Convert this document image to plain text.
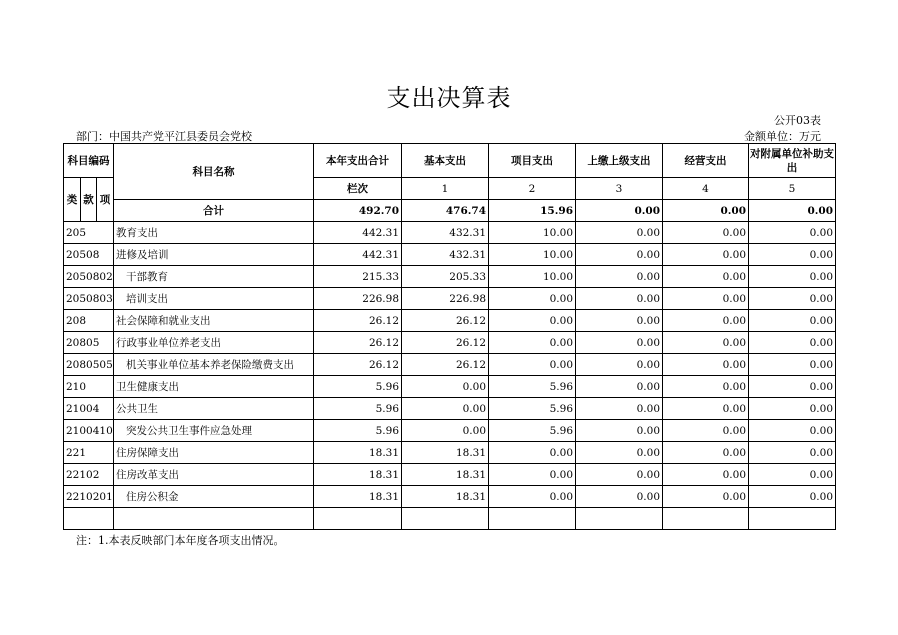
支出决算表
公开03表
部门：中国共产党平江县委员会党校	金额单位：万元
科目编码			科目名称	本年支出合计	基本支出	项目支出	上缴上级支出	经营支出	对附属单位补助支出	
类	款	项		栏次	1	2	3	4	5	
			合计	492.70	476.74	15.96	0.00	0.00	0.00	
205			教育支出	442.31	432.31	10.00	0.00	0.00	0.00	
20508			进修及培训	442.31	432.31	10.00	0.00	0.00	0.00	
2050802			干部教育	215.33	205.33	10.00	0.00	0.00	0.00	
2050803			培训支出	226.98	226.98	0.00	0.00	0.00	0.00	
208			社会保障和就业支出	26.12	26.12	0.00	0.00	0.00	0.00	
20805			行政事业单位养老支出	26.12	26.12	0.00	0.00	0.00	0.00	
2080505			机关事业单位基本养老保险缴费支出	26.12	26.12	0.00	0.00	0.00	0.00	
210			卫生健康支出	5.96	0.00	5.96	0.00	0.00	0.00	
21004			公共卫生	5.96	0.00	5.96	0.00	0.00	0.00	
2100410			突发公共卫生事件应急处理	5.96	0.00	5.96	0.00	0.00	0.00	
221			住房保障支出	18.31	18.31	0.00	0.00	0.00	0.00	
22102			住房改革支出	18.31	18.31	0.00	0.00	0.00	0.00	
2210201			住房公积金	18.31	18.31	0.00	0.00	0.00	0.00	

注：1.本表反映部门本年度各项支出情况。
